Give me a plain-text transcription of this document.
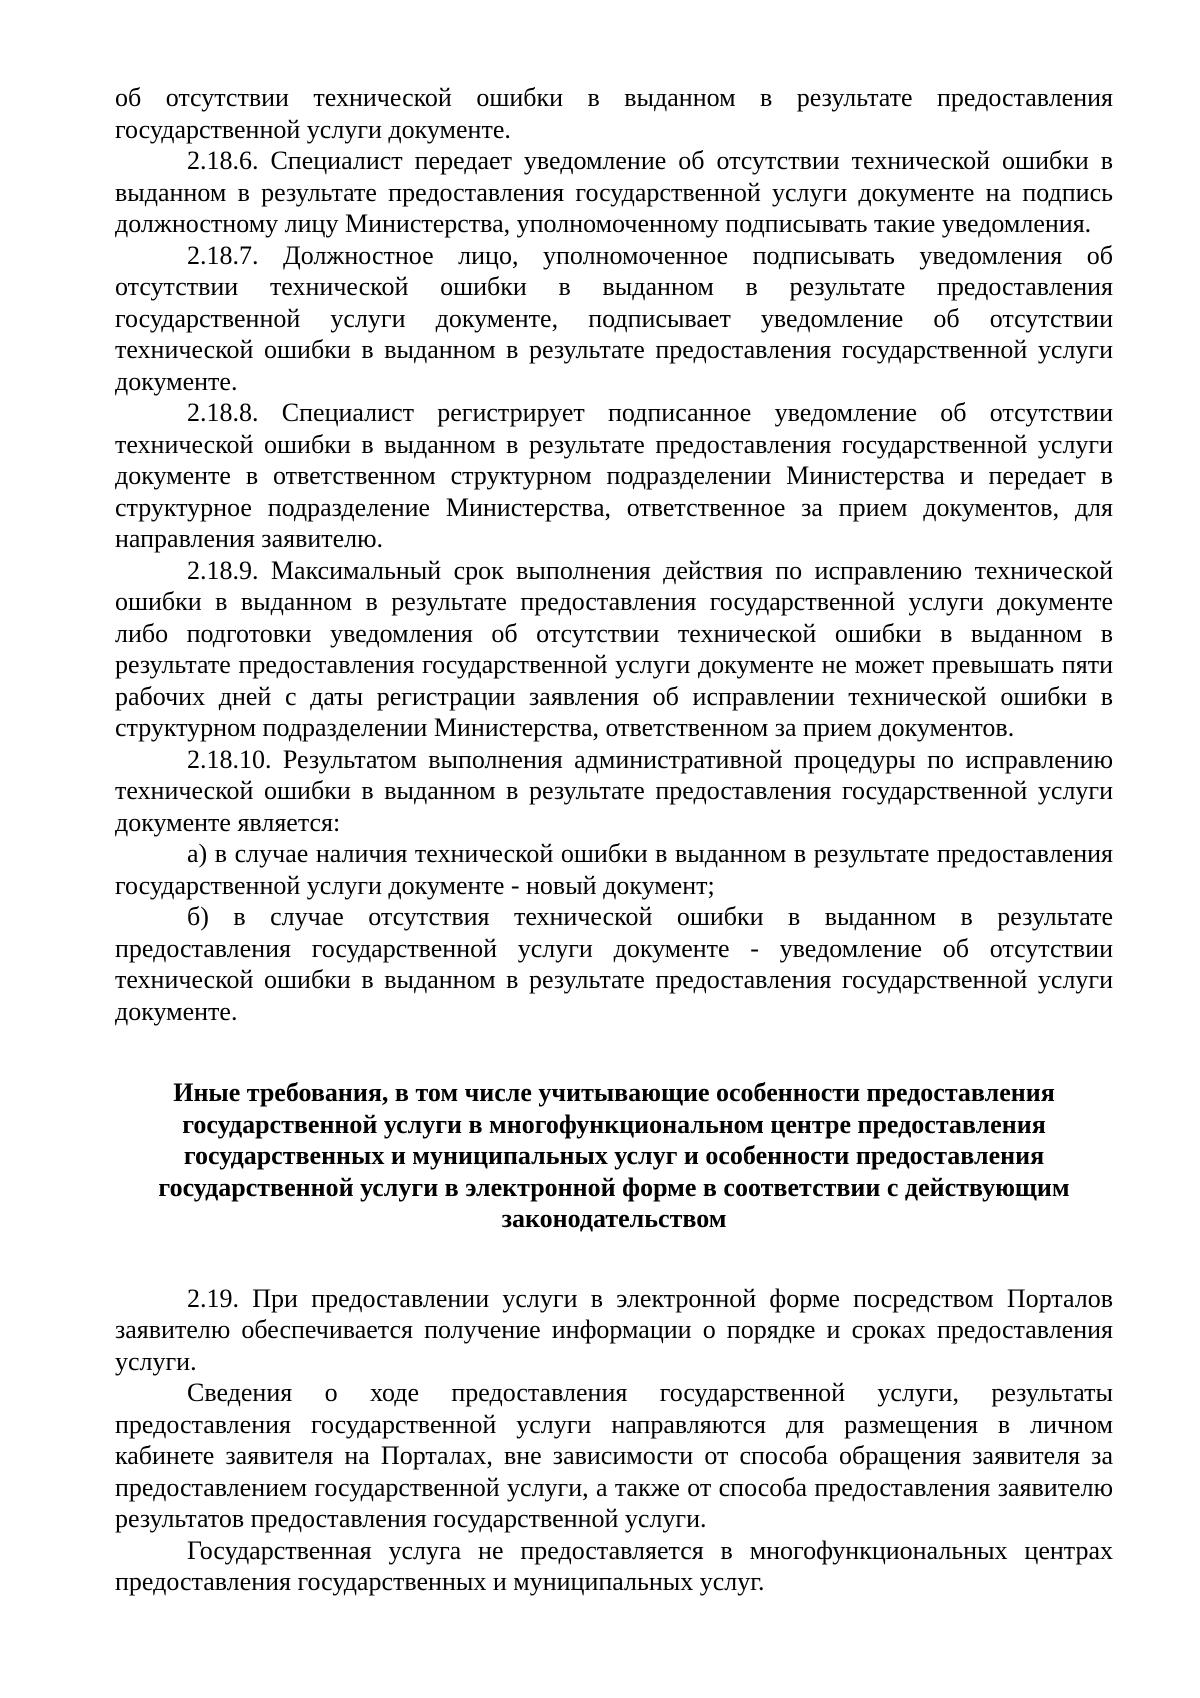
об отсутствии технической ошибки в выданном в результате предоставления государственной услуги документе.

2.18.6. Специалист передает уведомление об отсутствии технической ошибки в выданном в результате предоставления государственной услуги документе на подпись должностному лицу Министерства, уполномоченному подписывать такие уведомления.

2.18.7. Должностное лицо, уполномоченное подписывать уведомления об отсутствии технической ошибки в выданном в результате предоставления государственной услуги документе, подписывает уведомление об отсутствии технической ошибки в выданном в результате предоставления государственной услуги документе.

2.18.8. Специалист регистрирует подписанное уведомление об отсутствии технической ошибки в выданном в результате предоставления государственной услуги документе в ответственном структурном подразделении Министерства и передает в структурное подразделение Министерства, ответственное за прием документов, для направления заявителю.

2.18.9. Максимальный срок выполнения действия по исправлению технической ошибки в выданном в результате предоставления государственной услуги документе либо подготовки уведомления об отсутствии технической ошибки в выданном в результате предоставления государственной услуги документе не может превышать пяти рабочих дней с даты регистрации заявления об исправлении технической ошибки в структурном подразделении Министерства, ответственном за прием документов.

2.18.10. Результатом выполнения административной процедуры по исправлению технической ошибки в выданном в результате предоставления государственной услуги документе является:

а) в случае наличия технической ошибки в выданном в результате предоставления государственной услуги документе - новый документ;

б) в случае отсутствия технической ошибки в выданном в результате предоставления государственной услуги документе - уведомление об отсутствии технической ошибки в выданном в результате предоставления государственной услуги документе.

Иные требования, в том числе учитывающие особенности предоставления
государственной услуги в многофункциональном центре предоставления
государственных и муниципальных услуг и особенности предоставления
государственной услуги в электронной форме в соответствии с действующим
законодательством

2.19. При предоставлении услуги в электронной форме посредством Порталов заявителю обеспечивается получение информации о порядке и сроках предоставления услуги.

Сведения о ходе предоставления государственной услуги, результаты предоставления государственной услуги направляются для размещения в личном кабинете заявителя на Порталах, вне зависимости от способа обращения заявителя за предоставлением государственной услуги, а также от способа предоставления заявителю результатов предоставления государственной услуги.

Государственная услуга не предоставляется в многофункциональных центрах предоставления государственных и муниципальных услуг.
